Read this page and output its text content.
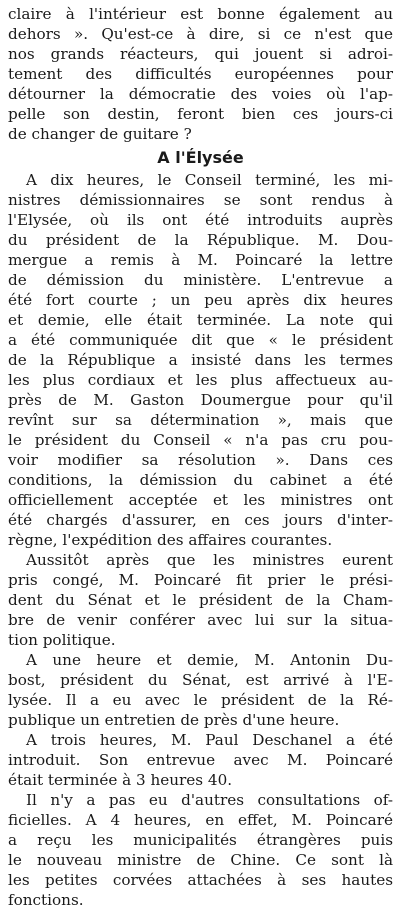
claire à l'intérieur est bonne également au
dehors ». Qu'est-ce à dire, si ce n'est que
nos grands réacteurs, qui jouent si adroi-
tement des difficultés européennes pour
détourner la démocratie des voies où l'ap-
pelle son destin, feront bien ces jours-ci
de changer de guitare ?

A l'Élysée

A dix heures, le Conseil terminé, les mi-
nistres démissionnaires se sont rendus à
l'Elysée, où ils ont été introduits auprès
du président de la République. M. Dou-
mergue a remis à M. Poincaré la lettre
de démission du ministère. L'entrevue a
été fort courte ; un peu après dix heures
et demie, elle était terminée. La note qui
a été communiquée dit que « le président
de la République a insisté dans les termes
les plus cordiaux et les plus affectueux au-
près de M. Gaston Doumergue pour qu'il
revînt sur sa détermination », mais que
le président du Conseil « n'a pas cru pou-
voir modifier sa résolution ». Dans ces
conditions, la démission du cabinet a été
officiellement acceptée et les ministres ont
été chargés d'assurer, en ces jours d'inter-
règne, l'expédition des affaires courantes.

Aussitôt après que les ministres eurent
pris congé, M. Poincaré fit prier le prési-
dent du Sénat et le président de la Cham-
bre de venir conférer avec lui sur la situa-
tion politique.

A une heure et demie, M. Antonin Du-
bost, président du Sénat, est arrivé à l'E-
lysée. Il a eu avec le président de la Ré-
publique un entretien de près d'une heure.

A trois heures, M. Paul Deschanel a été
introduit. Son entrevue avec M. Poincaré
était terminée à 3 heures 40.

Il n'y a pas eu d'autres consultations of-
ficielles. A 4 heures, en effet, M. Poincaré
a reçu les municipalités étrangères puis
le nouveau ministre de Chine. Ce sont là
les petites corvées attachées à ses hautes
fonctions.
